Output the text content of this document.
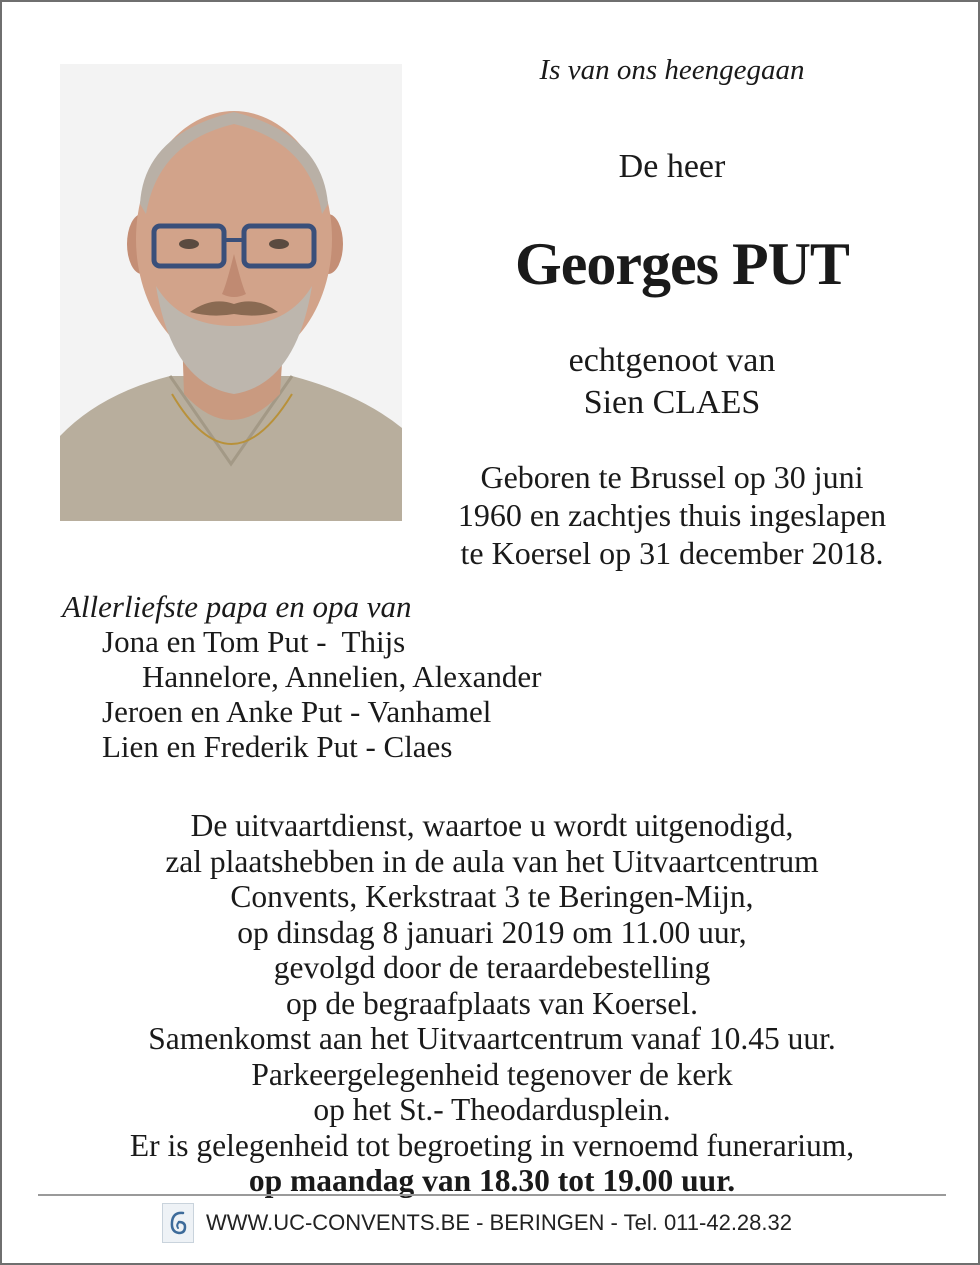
Is van ons heengegaan
De heer
Georges PUT
echtgenoot van
Sien CLAES
Geboren te Brussel op 30 juni
1960 en zachtjes thuis ingeslapen
te Koersel op 31 december 2018.
Allerliefste papa en opa van
Jona en Tom Put -  Thijs
Hannelore, Annelien, Alexander
Jeroen en Anke Put - Vanhamel
Lien en Frederik Put - Claes
De uitvaartdienst, waartoe u wordt uitgenodigd,
zal plaatshebben in de aula van het Uitvaartcentrum
Convents, Kerkstraat 3 te Beringen-Mijn,
op dinsdag 8 januari 2019 om 11.00 uur,
gevolgd door de teraardebestelling
op de begraafplaats van Koersel.
Samenkomst aan het Uitvaartcentrum vanaf 10.45 uur.
Parkeergelegenheid tegenover de kerk
op het St.- Theodardusplein.
Er is gelegenheid tot begroeting in vernoemd funerarium,
op maandag van 18.30 tot 19.00 uur.
WWW.UC-CONVENTS.BE - BERINGEN - Tel. 011-42.28.32
